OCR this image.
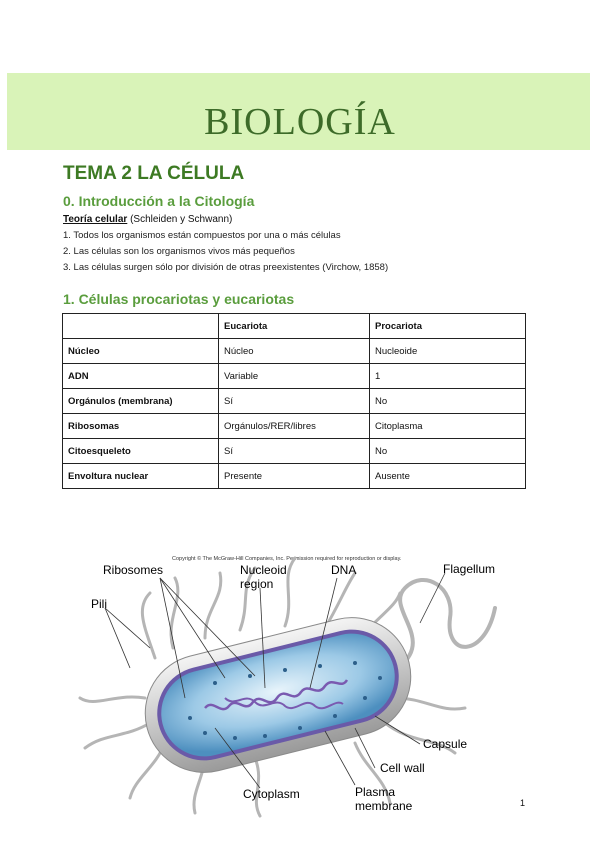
BIOLOGÍA
TEMA 2 LA CÉLULA
0. Introducción a la Citología
Teoría celular (Schleiden y Schwann)
1. Todos los organismos están compuestos por una o más células
2. Las células son los organismos vivos más pequeños
3. Las células surgen sólo por división de otras preexistentes (Virchow, 1858)
1. Células procariotas y eucariotas
	Eucariota	Procariota
Núcleo	Núcleo	Nucleoide
ADN	Variable	1
Orgánulos (membrana)	Sí	No
Ribosomas	Orgánulos/RER/libres	Citoplasma
Citoesqueleto	Sí	No
Envoltura nuclear	Presente	Ausente
Copyright © The McGraw-Hill Companies, Inc. Permission required for reproduction or display.
Ribosomes	Nucleoid
region
DNA	Flagellum
Pili
Capsule
Cell wall
Cytoplasm	Plasma
membrane	1
